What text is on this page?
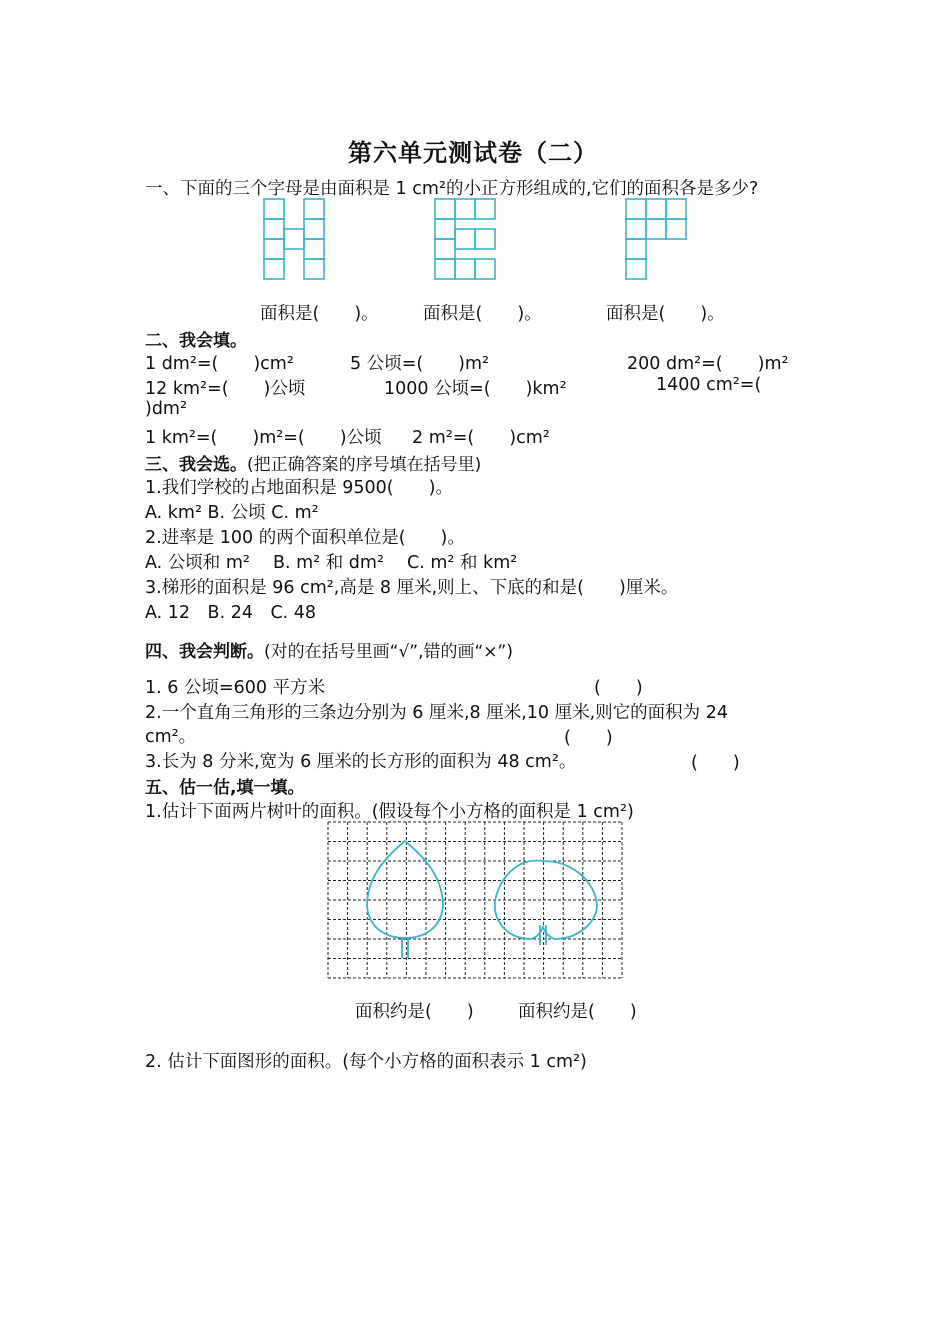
第六单元测试卷（二）
一、下面的三个字母是由面积是 1 cm²的小正方形组成的,它们的面积各是多少?
面积是(　　)。	面积是(　　)。	面积是(　　)。
二、我会填。
1 dm²=(　　)cm²	5 公顷=(　　)m²	200 dm²=(　　)m²
12 km²=(　　)公顷	1000 公顷=(　　)km²	1400 cm²=(
)dm²
1 km²=(　　)m²=(　　)公顷 2 m²=(　　)cm²
三、我会选。(把正确答案的序号填在括号里)
1.我们学校的占地面积是 9500(　　)。
A. km² B. 公顷 C. m²
2.进率是 100 的两个面积单位是(　　)。
A. 公顷和 m²　 B. m² 和 dm²　 C. m² 和 km²
3.梯形的面积是 96 cm²,高是 8 厘米,则上、下底的和是(　　)厘米。
A. 12　B. 24　C. 48
四、我会判断。(对的在括号里画“√”,错的画“×”)
1. 6 公顷=600 平方米	(　　)
2.一个直角三角形的三条边分别为 6 厘米,8 厘米,10 厘米,则它的面积为 24
cm²。	(　　)
3.长为 8 分米,宽为 6 厘米的长方形的面积为 48 cm²。	(　　)
五、估一估,填一填。
1.估计下面两片树叶的面积。(假设每个小方格的面积是 1 cm²)
面积约是(　　)	面积约是(　　)
2. 估计下面图形的面积。(每个小方格的面积表示 1 cm²)
